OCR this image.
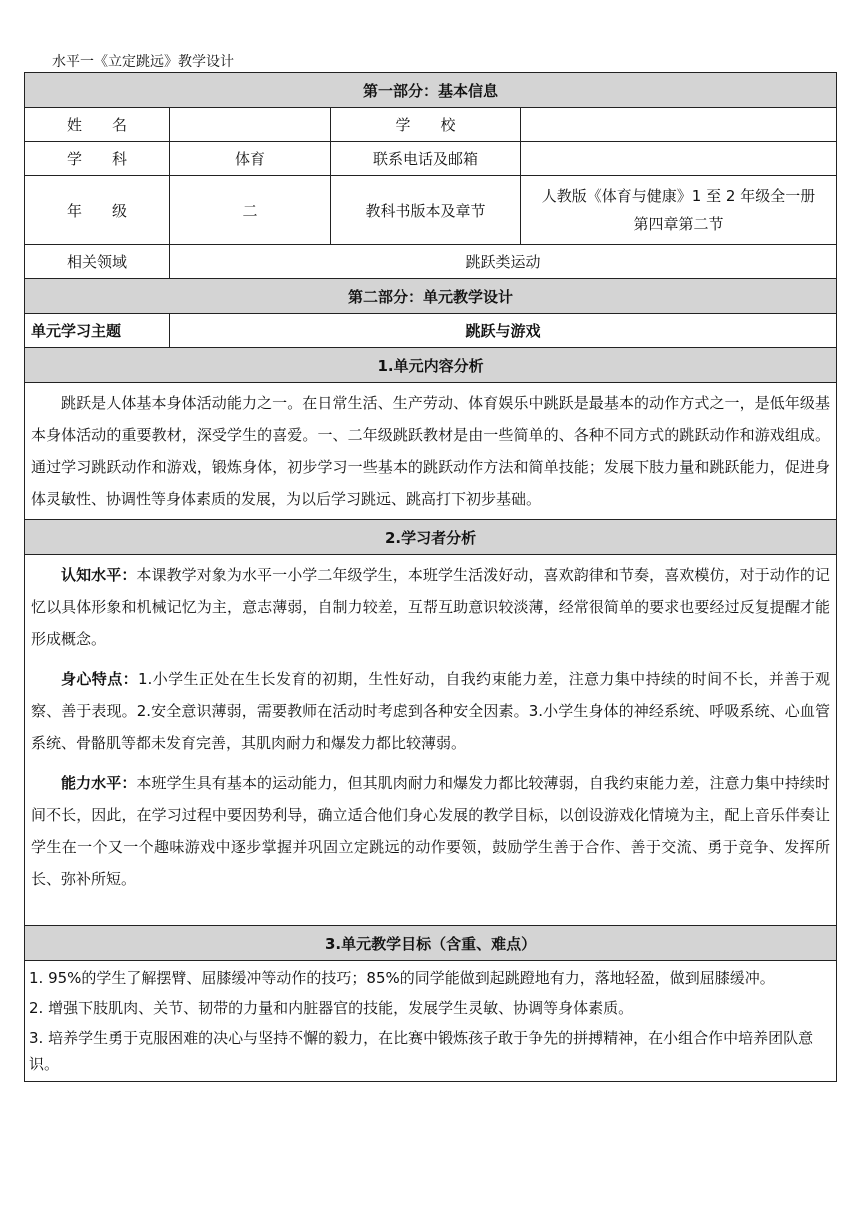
水平一《立定跳远》教学设计
第一部分：基本信息			
姓　　名		学　　校	
学　　科	体育	联系电话及邮箱	
年　　级	二	教科书版本及章节	人教版《体育与健康》1 至 2 年级全一册
第四章第二节

相关领域	跳跃类运动		
第二部分：单元教学设计			
单元学习主题	跳跃与游戏		
1.单元内容分析			

跳跃是人体基本身体活动能力之一。在日常生活、生产劳动、体育娱乐中跳跃是最基本的动作方式之一，是低年级基本身体活动的重要教材，深受学生的喜爱。一、二年级跳跃教材是由一些简单的、各种不同方式的跳跃动作和游戏组成。通过学习跳跃动作和游戏，锻炼身体，初步学习一些基本的跳跃动作方法和简单技能；发展下肢力量和跳跃能力，促进身体灵敏性、协调性等身体素质的发展，为以后学习跳远、跳高打下初步基础。			

2.学习者分析			

认知水平：本课教学对象为水平一小学二年级学生，本班学生活泼好动，喜欢韵律和节奏，喜欢模仿，对于动作的记忆以具体形象和机械记忆为主，意志薄弱，自制力较差，互帮互助意识较淡薄，经常很简单的要求也要经过反复提醒才能形成概念。

身心特点：1.小学生正处在生长发育的初期，生性好动，自我约束能力差，注意力集中持续的时间不长，并善于观察、善于表现。2.安全意识薄弱，需要教师在活动时考虑到各种安全因素。3.小学生身体的神经系统、呼吸系统、心血管系统、骨骼肌等都未发育完善，其肌肉耐力和爆发力都比较薄弱。

能力水平：本班学生具有基本的运动能力，但其肌肉耐力和爆发力都比较薄弱，自我约束能力差，注意力集中持续时间不长，因此，在学习过程中要因势利导，确立适合他们身心发展的教学目标，以创设游戏化情境为主，配上音乐伴奏让学生在一个又一个趣味游戏中逐步掌握并巩固立定跳远的动作要领，鼓励学生善于合作、善于交流、勇于竞争、发挥所长、弥补所短。			

3.单元教学目标（含重、难点）			

1. 95%的学生了解摆臂、屈膝缓冲等动作的技巧；85%的同学能做到起跳蹬地有力，落地轻盈，做到屈膝缓冲。

2. 增强下肢肌肉、关节、韧带的力量和内脏器官的技能，发展学生灵敏、协调等身体素质。

3. 培养学生勇于克服困难的决心与坚持不懈的毅力，在比赛中锻炼孩子敢于争先的拼搏精神，在小组合作中培养团队意识。			
